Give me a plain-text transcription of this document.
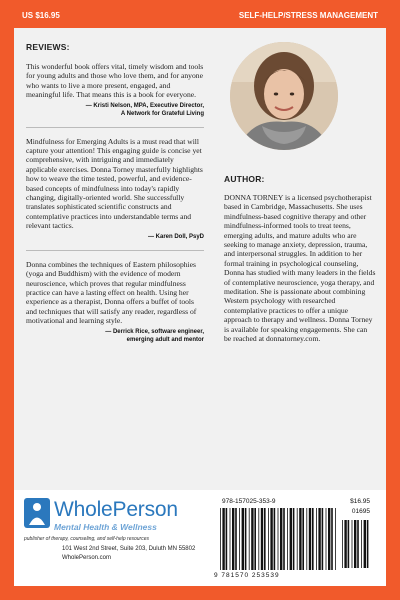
US $16.95	SELF-HELP/STRESS MANAGEMENT
REVIEWS:

This wonderful book offers vital, timely wisdom and tools for young adults and those who love them, and for anyone who wants to live a more present, engaged, and meaningful life. That means this is a book for everyone.

— Kristi Nelson, MPA, Executive Director,
A Network for Grateful Living

Mindfulness for Emerging Adults is a must read that will capture your attention! This engaging guide is concise yet comprehensive, with intriguing and immediately applicable exercises. Donna Torney masterfully highlights how to weave the time tested, powerful, and evidence-based concepts of mindfulness into today's rapidly changing, digitally-oriented world. She successfully translates sophisticated scientific constructs and contemplative practices into understandable terms and relevant tactics.

— Karen Doll, PsyD

Donna combines the techniques of Eastern philosophies (yoga and Buddhism) with the evidence of modern neuroscience, which proves that regular mindfulness practice can have a lasting effect on health. Using her experience as a therapist, Donna offers a buffet of tools and techniques that will satisfy any reader, regardless of motivational and learning style.

— Derrick Rice, software engineer,
emerging adult and mentor
AUTHOR:

DONNA TORNEY is a licensed psychotherapist based in Cambridge, Massachusetts. She uses mindfulness-based cognitive therapy and other mindfulness-informed tools to treat teens, emerging adults, and mature adults who are seeking to manage anxiety, depression, trauma, and interpersonal struggles. In addition to her formal training in psychological counseling, Donna has studied with many leaders in the fields of contemplative neuroscience, yoga therapy, and meditation. She is passionate about combining Western psychology with researched contemplative practices to offer a unique approach to therapy and wellness. Donna Torney is available for speaking engagements. She can be reached at donnatorney.com.

WholePerson
Mental Health & Wellness
publisher of therapy, counseling, and self-help resources
101 West 2nd Street, Suite 203, Duluth MN 55802
WholePerson.com
978-157025-353-9	$16.95
01695
9 781570 253539
